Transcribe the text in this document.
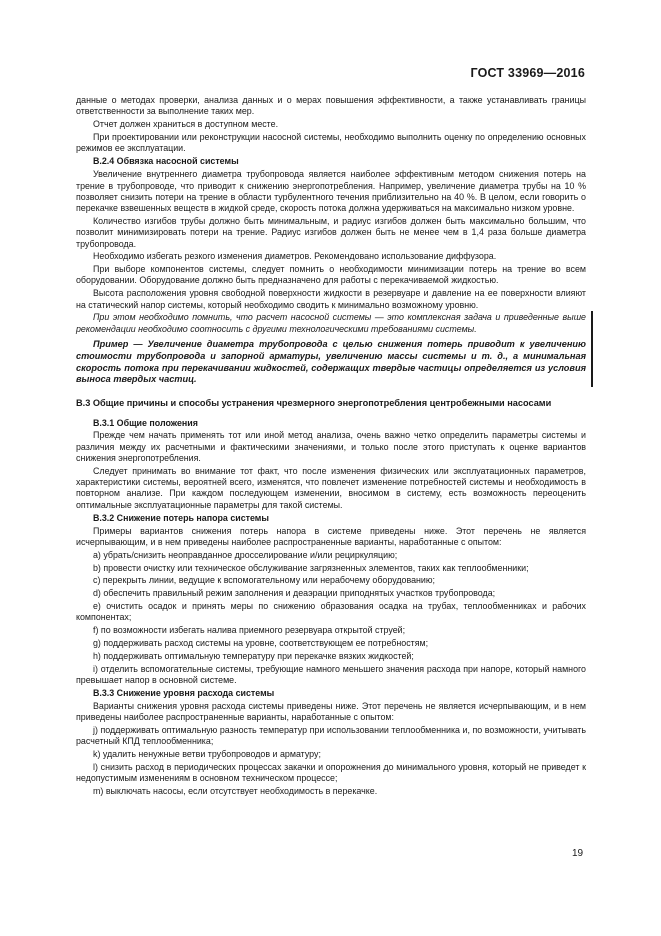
ГОСТ 33969—2016
данные о методах проверки, анализа данных и о мерах повышения эффективности, а также устанавливать границы ответственности за выполнение таких мер.
Отчет должен храниться в доступном месте.
При проектировании или реконструкции насосной системы, необходимо выполнить оценку по определению основных режимов ее эксплуатации.
В.2.4 Обвязка насосной системы
Увеличение внутреннего диаметра трубопровода является наиболее эффективным методом снижения потерь на трение в трубопроводе, что приводит к снижению энергопотребления. Например, увеличение диаметра трубы на 10 % позволяет снизить потери на трение в области турбулентного течения приблизительно на 40 %. В целом, если говорить о перекачке взвешенных веществ в жидкой среде, скорость потока должна удерживаться на максимально низком уровне.
Количество изгибов трубы должно быть минимальным, и радиус изгибов должен быть максимально большим, что позволит минимизировать потери на трение. Радиус изгибов должен быть не менее чем в 1,4 раза больше диаметра трубопровода.
Необходимо избегать резкого изменения диаметров. Рекомендовано использование диффузора.
При выборе компонентов системы, следует помнить о необходимости минимизации потерь на трение во всем оборудовании. Оборудование должно быть предназначено для работы с перекачиваемой жидкостью.
Высота расположения уровня свободной поверхности жидкости в резервуаре и давление на ее поверхности влияют на статический напор системы, который необходимо сводить к минимально возможному уровню.
При этом необходимо помнить, что расчет насосной системы — это комплексная задача и приведенные выше рекомендации необходимо соотносить с другими технологическими требованиями системы.
Пример — Увеличение диаметра трубопровода с целью снижения потерь приводит к увеличению стоимости трубопровода и запорной арматуры, увеличению массы системы и т. д., а минимальная скорость потока при перекачивании жидкостей, содержащих твердые частицы определяется из условия выноса твердых частиц.
В.3 Общие причины и способы устранения чрезмерного энергопотребления центробежными насосами
В.3.1 Общие положения
Прежде чем начать применять тот или иной метод анализа, очень важно четко определить параметры системы и различия между их расчетными и фактическими значениями, и только после этого приступать к оценке вариантов снижения энергопотребления.
Следует принимать во внимание тот факт, что после изменения физических или эксплуатационных параметров, характеристики системы, вероятней всего, изменятся, что повлечет изменение потребностей системы и необходимость в повторном анализе. При каждом последующем изменении, вносимом в систему, есть возможность переоценить оптимальные эксплуатационные параметры для такой системы.
В.3.2 Снижение потерь напора системы
Примеры вариантов снижения потерь напора в системе приведены ниже. Этот перечень не является исчерпывающим, и в нем приведены наиболее распространенные варианты, наработанные с опытом:
а) убрать/снизить неоправданное дросселирование и/или рециркуляцию;
b) провести очистку или техническое обслуживание загрязненных элементов, таких как теплообменники;
с) перекрыть линии, ведущие к вспомогательному или нерабочему оборудованию;
d) обеспечить правильный режим заполнения и деаэрации приподнятых участков трубопровода;
е) очистить осадок и принять меры по снижению образования осадка на трубах, теплообменниках и рабочих компонентах;
f) по возможности избегать налива приемного резервуара открытой струей;
g) поддерживать расход системы на уровне, соответствующем ее потребностям;
h) поддерживать оптимальную температуру при перекачке вязких жидкостей;
i) отделить вспомогательные системы, требующие намного меньшего значения расхода при напоре, который намного превышает напор в основной системе.
В.3.3 Снижение уровня расхода системы
Варианты снижения уровня расхода системы приведены ниже. Этот перечень не является исчерпывающим, и в нем приведены наиболее распространенные варианты, наработанные с опытом:
j) поддерживать оптимальную разность температур при использовании теплообменника и, по возможности, учитывать расчетный КПД теплообменника;
k) удалить ненужные ветви трубопроводов и арматуру;
l) снизить расход в периодических процессах закачки и опорожнения до минимального уровня, который не приведет к недопустимым изменениям в основном техническом процессе;
m) выключать насосы, если отсутствует необходимость в перекачке.
19
